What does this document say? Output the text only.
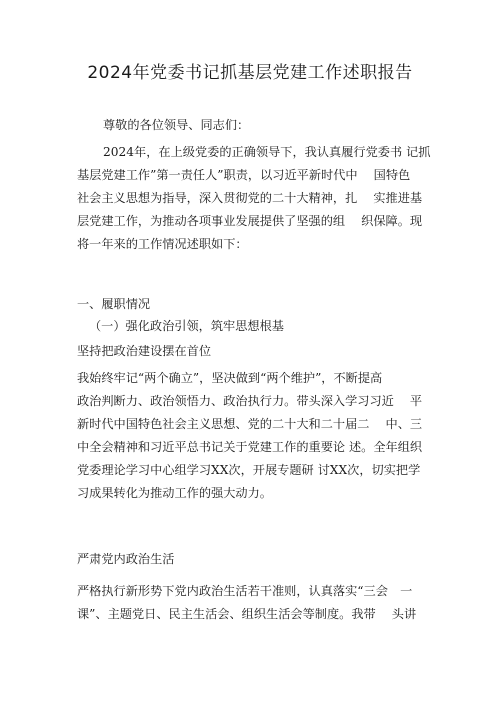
2024年党委书记抓基层党建工作述职报告
尊敬的各位领导、同志们：
2024年，在上级党委的正确领导下，我认真履行党委书 记抓
基层党建工作”第一责任人”职责，以习近平新时代中　 国特色
社会主义思想为指导，深入贯彻党的二十大精神，扎　 实推进基
层党建工作，为推动各项事业发展提供了坚强的组　 织保障。现
将一年来的工作情况述职如下：
一、履职情况
（一）强化政治引领，筑牢思想根基
坚持把政治建设摆在首位
我始终牢记“两个确立”，坚决做到“两个维护”，不断提高
政治判断力、政治领悟力、政治执行力。带头深入学习习近　 平
新时代中国特色社会主义思想、党的二十大和二十届二　 中、三
中全会精神和习近平总书记关于党建工作的重要论 述。全年组织
党委理论学习中心组学习XX次，开展专题研 讨XX次，切实把学
习成果转化为推动工作的强大动力。
严肃党内政治生活
严格执行新形势下党内政治生活若干准则，认真落实“三会　一
课”、主题党日、民主生活会、组织生活会等制度。我带　 头讲
